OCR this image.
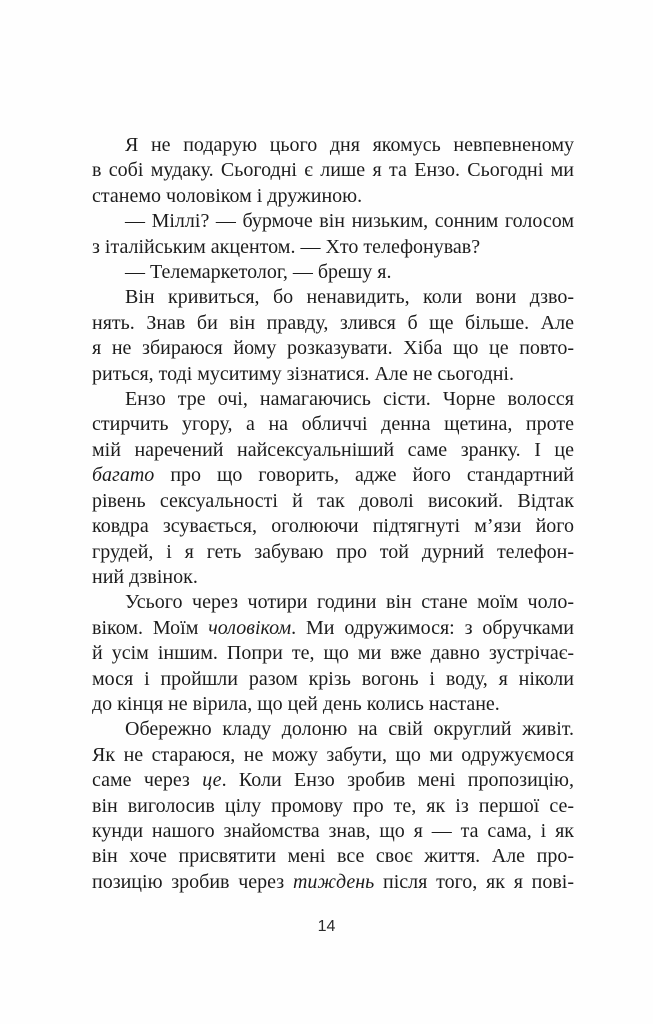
Я не подарую цього дня якомусь невпевненому
в собі мудаку. Сьогодні є лише я та Ензо. Сьогодні ми
станемо чоловіком і дружиною.
— Міллі? — бурмоче він низьким, сонним голосом
з італійським акцентом. — Хто телефонував?
— Телемаркетолог, — брешу я.
Він кривиться, бо ненавидить, коли вони дзво-
нять. Знав би він правду, злився б ще більше. Але
я не збираюся йому розказувати. Хіба що це повто-
риться, тоді муситиму зізнатися. Але не сьогодні.
Ензо тре очі, намагаючись сісти. Чорне волосся
стирчить угору, а на обличчі денна щетина, проте
мій наречений найсексуальніший саме зранку. І це
багато про що говорить, адже його стандартний
рівень сексуальності й так доволі високий. Відтак
ковдра зсувається, оголюючи підтягнуті м’язи його
грудей, і я геть забуваю про той дурний телефон-
ний дзвінок.
Усього через чотири години він стане моїм чоло-
віком. Моїм чоловіком. Ми одружимося: з обручками
й усім іншим. Попри те, що ми вже давно зустрічає-
мося і пройшли разом крізь вогонь і воду, я ніколи
до кінця не вірила, що цей день колись настане.
Обережно кладу долоню на свій округлий живіт.
Як не стараюся, не можу забути, що ми одружуємося
саме через це. Коли Ензо зробив мені пропозицію,
він виголосив цілу промову про те, як із першої се-
кунди нашого знайомства знав, що я — та сама, і як
він хоче присвятити мені все своє життя. Але про-
позицію зробив через тиждень після того, як я пові-
14
